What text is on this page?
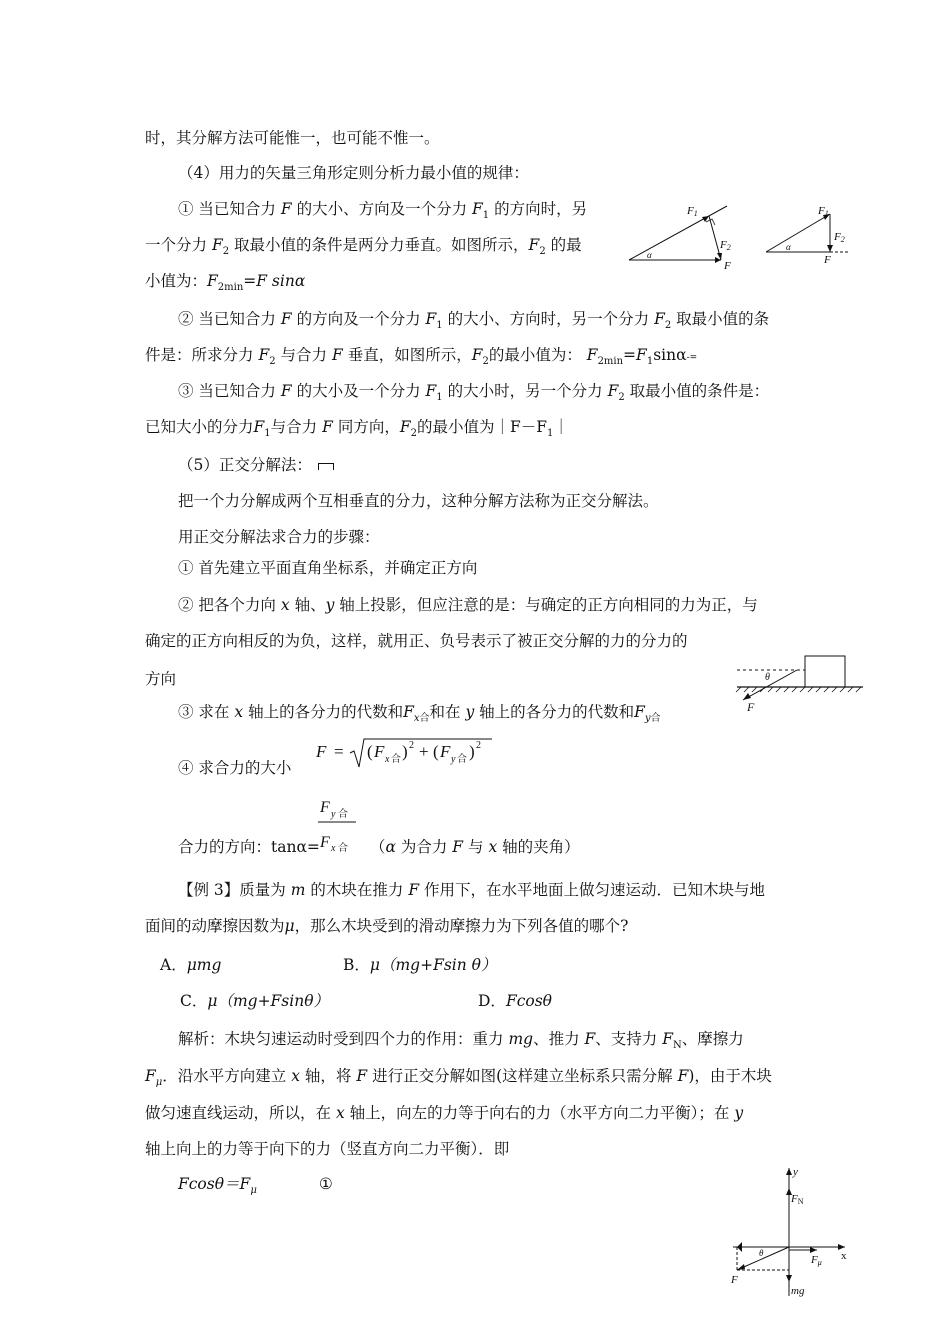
时，其分解方法可能惟一，也可能不惟一。
（4）用力的矢量三角形定则分析力最小值的规律：
① 当已知合力 F 的大小、方向及一个分力 $F_1$ 的方向时，另
一个分力 $F_2$ 取最小值的条件是两分力垂直。如图所示，$F_2$ 的最
小值为：$F_{2min}=F$ sinα
F1
F2
F
α
F1
F2
F
α
② 当已知合力 F 的方向及一个分力 $F_1$ 的大小、方向时，另一个分力 $F_2$ 取最小值的条
件是：所求分力 $F_2$ 与合力 F 垂直，如图所示，$F_2$的最小值为： $F_{2min}=F_1\sin\alpha-=$
③ 当已知合力 F 的大小及一个分力 $F_1$ 的大小时，另一个分力 $F_2$ 取最小值的条件是：
已知大小的分力$F_1$与合力 F 同方向，$F_2$的最小值为$|F-F_1|$
（5）正交分解法：
把一个力分解成两个互相垂直的分力，这种分解方法称为正交分解法。
用正交分解法求合力的步骤：
① 首先建立平面直角坐标系，并确定正方向
② 把各个力向 x 轴、y 轴上投影，但应注意的是：与确定的正方向相同的力为正，与
确定的正方向相反的为负，这样，就用正、负号表示了被正交分解的力的分力的
方向	θ
F
③ 求在 x 轴上的各分力的代数和$F_{x合}$和在 y 轴上的各分力的代数和$F_{y合}$
④ 求合力的大小
F = ( F x 合 ) 2 + ( F y 合 ) 2
F y 合
F x 合
合力的方向：tanα=	（α 为合力 F 与 x 轴的夹角）
【例 3】质量为 m 的木块在推力 F 作用下，在水平地面上做匀速运动．已知木块与地
面间的动摩擦因数为μ，那么木块受到的滑动摩擦力为下列各值的哪个?
A．μmg	B．μ（mg+Fsin θ）
C．μ（mg+Fsinθ）	D．Fcosθ
解析：木块匀速运动时受到四个力的作用：重力 mg、推力 F、支持力 $F_N$、摩擦力
$F_\mu$．沿水平方向建立 x 轴，将 F 进行正交分解如图(这样建立坐标系只需分解 F)，由于木块
做匀速直线运动，所以，在 x 轴上，向左的力等于向右的力（水平方向二力平衡）；在 y
轴上向上的力等于向下的力（竖直方向二力平衡）．即
$Fcos\theta=F_\mu$	①
y
x
FN
Fμ
F
mg
θ
